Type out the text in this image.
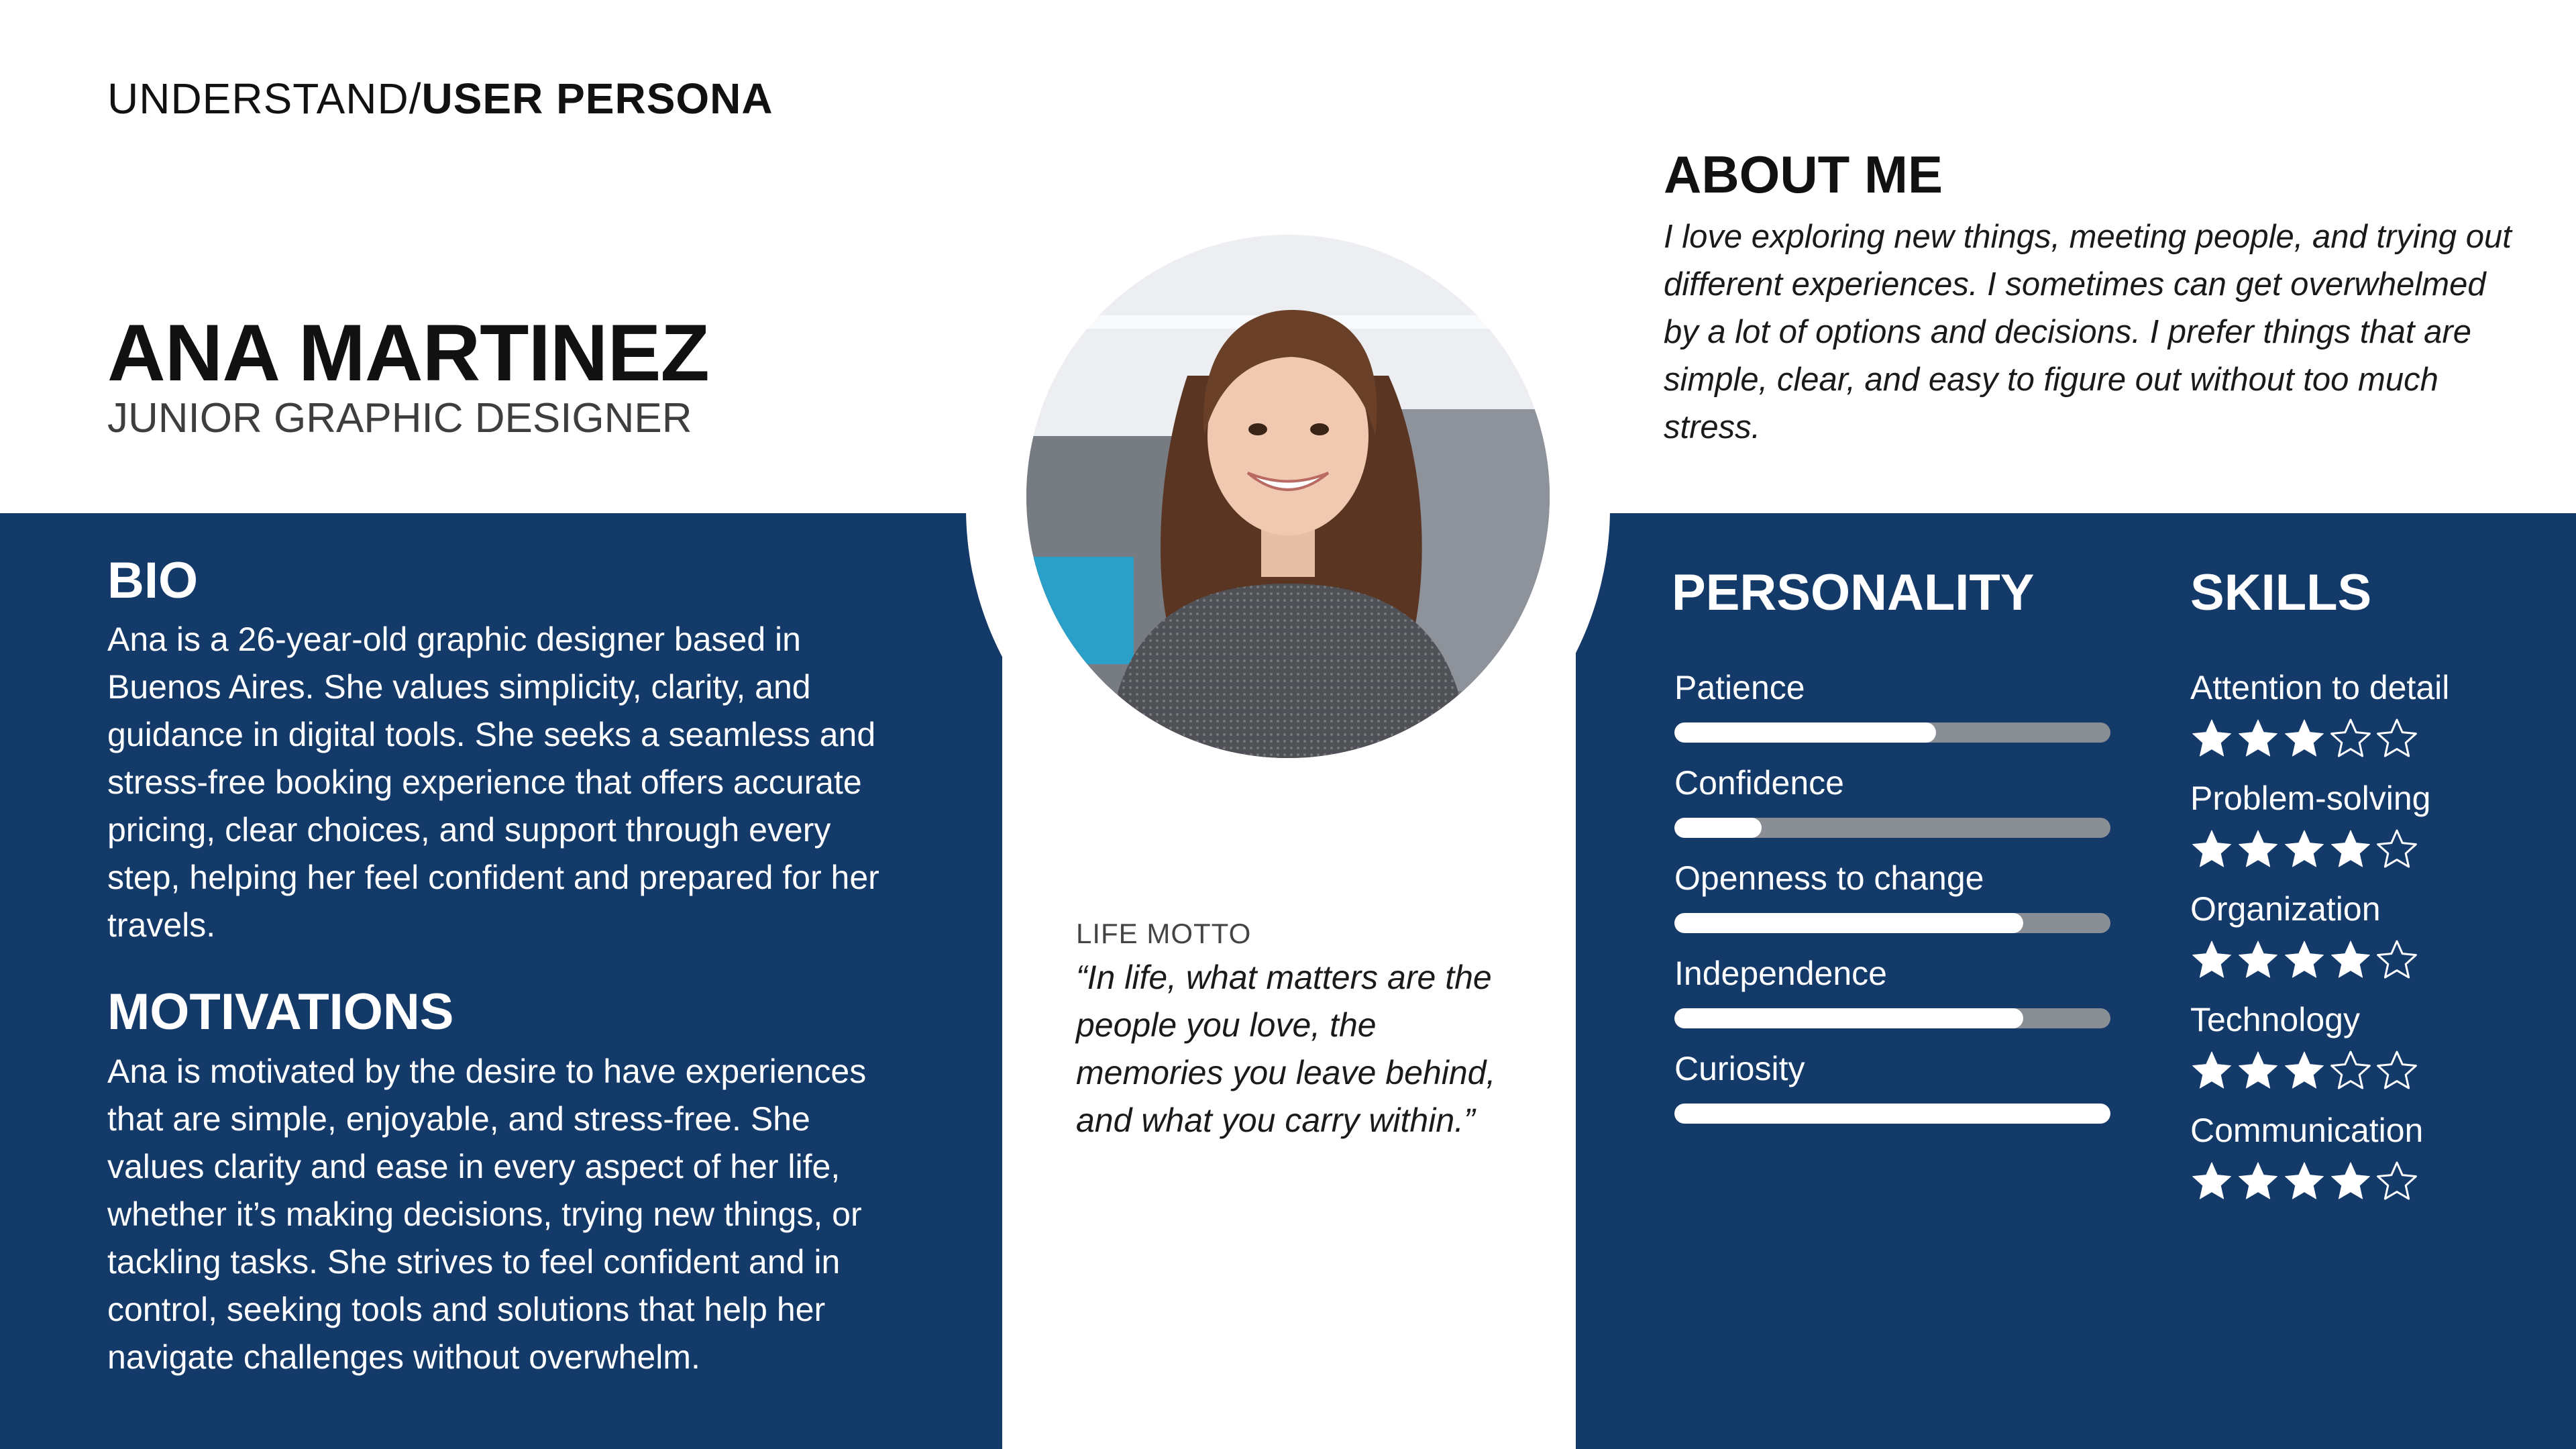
UNDERSTAND/USER PERSONA
ANA MARTINEZ
JUNIOR GRAPHIC DESIGNER
ABOUT ME

I love exploring new things, meeting people, and trying out different experiences. I sometimes can get overwhelmed by a lot of options and decisions. I prefer things that are simple, clear, and easy to figure out without too much stress.

BIO

Ana is a 26-year-old graphic designer based in Buenos Aires. She values simplicity, clarity, and guidance in digital tools. She seeks a seamless and stress-free booking experience that offers accurate pricing, clear choices, and support through every step, helping her feel confident and prepared for her travels.

MOTIVATIONS

Ana is motivated by the desire to have experiences that are simple, enjoyable, and stress-free. She values clarity and ease in every aspect of her life, whether it’s making decisions, trying new things, or tackling tasks. She strives to feel confident and in control, seeking tools and solutions that help her navigate challenges without overwhelm.

LIFE MOTTO

“In life, what matters are the people you love, the memories you leave behind, and what you carry within.”

PERSONALITY
Patience
Confidence
Openness to change
Independence
Curiosity
SKILLS
Attention to detail
Problem-solving
Organization
Technology
Communication
